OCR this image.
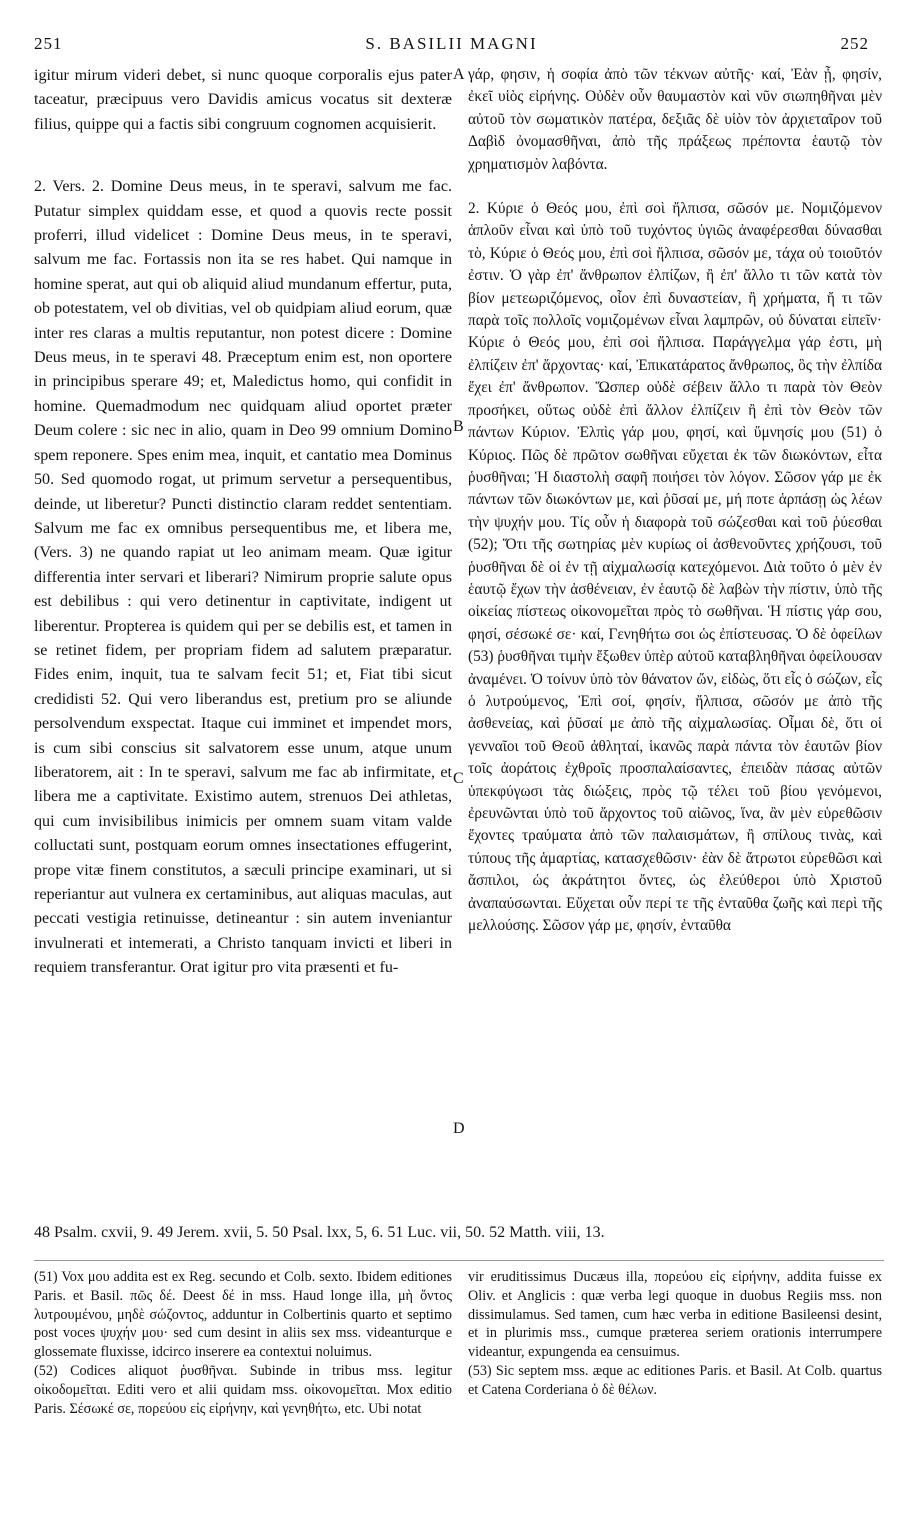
251	S. BASILII MAGNI	252

igitur mirum videri debet, si nunc quoque corporalis ejus pater taceatur, præcipuus vero Davidis amicus vocatus sit dexteræ filius, quippe qui a factis sibi congruum cognomen acquisierit.

2. Vers. 2. Domine Deus meus, in te speravi, salvum me fac. Putatur simplex quiddam esse, et quod a quovis recte possit proferri, illud videlicet : Domine Deus meus, in te speravi, salvum me fac. Fortassis non ita se res habet. Qui namque in homine sperat, aut qui ob aliquid aliud mundanum effertur, puta, ob potestatem, vel ob divitias, vel ob quidpiam aliud eorum, quæ inter res claras a multis reputantur, non potest dicere : Domine Deus meus, in te speravi 48. Præceptum enim est, non oportere in principibus sperare 49; et, Maledictus homo, qui confidit in homine. Quemadmodum nec quidquam aliud oportet præter Deum colere : sic nec in alio, quam in Deo 99 omnium Domino spem reponere. Spes enim mea, inquit, et cantatio mea Dominus 50. Sed quomodo rogat, ut primum servetur a persequentibus, deinde, ut liberetur? Puncti distinctio claram reddet sententiam. Salvum me fac ex omnibus persequentibus me, et libera me, (Vers. 3) ne quando rapiat ut leo animam meam. Quæ igitur differentia inter servari et liberari? Nimirum proprie salute opus est debilibus : qui vero detinentur in captivitate, indigent ut liberentur. Propterea is quidem qui per se debilis est, et tamen in se retinet fidem, per propriam fidem ad salutem præparatur. Fides enim, inquit, tua te salvam fecit 51; et, Fiat tibi sicut credidisti 52. Qui vero liberandus est, pretium pro se aliunde persolvendum exspectat. Itaque cui imminet et impendet mors, is cum sibi conscius sit salvatorem esse unum, atque unum liberatorem, ait : In te speravi, salvum me fac ab infirmitate, et libera me a captivitate. Existimo autem, strenuos Dei athletas, qui cum invisibilibus inimicis per omnem suam vitam valde colluctati sunt, postquam eorum omnes insectationes effugerint, prope vitæ finem constitutos, a sæculi principe examinari, ut si reperiantur aut vulnera ex certaminibus, aut aliquas maculas, aut peccati vestigia retinuisse, detineantur : sin autem inveniantur invulnerati et intemerati, a Christo tanquam invicti et liberi in requiem transferantur. Orat igitur pro vita præsenti et fu-

A
B
C
D

γάρ, φησιν, ἡ σοφία ἀπὸ τῶν τέκνων αὐτῆς· καί, Ἐὰν ᾖ, φησίν, ἐκεῖ υἱὸς εἰρήνης. Οὐδὲν οὖν θαυμαστὸν καὶ νῦν σιωπηθῆναι μὲν αὐτοῦ τὸν σωματικὸν πατέρα, δεξιᾶς δὲ υἱὸν τὸν ἀρχιεταῖρον τοῦ Δαβὶδ ὀνομασθῆναι, ἀπὸ τῆς πράξεως πρέποντα ἑαυτῷ τὸν χρηματισμὸν λαβόντα.

2. Κύριε ὁ Θεός μου, ἐπὶ σοὶ ἤλπισα, σῶσόν με. Νομιζόμενον ἁπλοῦν εἶναι καὶ ὑπὸ τοῦ τυχόντος ὑγιῶς ἀναφέρεσθαι δύνασθαι τὸ, Κύριε ὁ Θεός μου, ἐπὶ σοὶ ἤλπισα, σῶσόν με, τάχα οὐ τοιοῦτόν ἐστιν. Ὁ γὰρ ἐπ' ἄνθρωπον ἐλπίζων, ἢ ἐπ' ἄλλο τι τῶν κατὰ τὸν βίον μετεωριζόμενος, οἷον ἐπὶ δυναστείαν, ἢ χρήματα, ἤ τι τῶν παρὰ τοῖς πολλοῖς νομιζομένων εἶναι λαμπρῶν, οὐ δύναται εἰπεῖν· Κύριε ὁ Θεός μου, ἐπὶ σοὶ ἤλπισα. Παράγγελμα γάρ ἐστι, μὴ ἐλπίζειν ἐπ' ἄρχοντας· καί, Ἐπικατάρατος ἄνθρωπος, ὃς τὴν ἐλπίδα ἔχει ἐπ' ἄνθρωπον. Ὥσπερ οὐδὲ σέβειν ἄλλο τι παρὰ τὸν Θεὸν προσήκει, οὕτως οὐδὲ ἐπὶ ἄλλον ἐλπίζειν ἢ ἐπὶ τὸν Θεὸν τῶν πάντων Κύριον. Ἐλπὶς γάρ μου, φησί, καὶ ὕμνησίς μου (51) ὁ Κύριος. Πῶς δὲ πρῶτον σωθῆναι εὔχεται ἐκ τῶν διωκόντων, εἶτα ῥυσθῆναι; Ἡ διαστολὴ σαφῆ ποιήσει τὸν λόγον. Σῶσον γάρ με ἐκ πάντων τῶν διωκόντων με, καὶ ῥῦσαί με, μή ποτε ἁρπάσῃ ὡς λέων τὴν ψυχήν μου. Τίς οὖν ἡ διαφορὰ τοῦ σώζεσθαι καὶ τοῦ ῥύεσθαι (52); Ὅτι τῆς σωτηρίας μὲν κυρίως οἱ ἀσθενοῦντες χρήζουσι, τοῦ ῥυσθῆναι δὲ οἱ ἐν τῇ αἰχμαλωσίᾳ κατεχόμενοι. Διὰ τοῦτο ὁ μὲν ἐν ἑαυτῷ ἔχων τὴν ἀσθένειαν, ἐν ἑαυτῷ δὲ λαβὼν τὴν πίστιν, ὑπὸ τῆς οἰκείας πίστεως οἰκονομεῖται πρὸς τὸ σωθῆναι. Ἡ πίστις γάρ σου, φησί, σέσωκέ σε· καί, Γενηθήτω σοι ὡς ἐπίστευσας. Ὁ δὲ ὀφείλων (53) ῥυσθῆναι τιμὴν ἔξωθεν ὑπὲρ αὐτοῦ καταβληθῆναι ὀφείλουσαν ἀναμένει. Ὁ τοίνυν ὑπὸ τὸν θάνατον ὤν, εἰδὼς, ὅτι εἷς ὁ σώζων, εἷς ὁ λυτρούμενος, Ἐπὶ σοί, φησίν, ἤλπισα, σῶσόν με ἀπὸ τῆς ἀσθενείας, καὶ ῥῦσαί με ἀπὸ τῆς αἰχμαλωσίας. Οἶμαι δὲ, ὅτι οἱ γενναῖοι τοῦ Θεοῦ ἀθληταί, ἱκανῶς παρὰ πάντα τὸν ἑαυτῶν βίον τοῖς ἀοράτοις ἐχθροῖς προσπαλαίσαντες, ἐπειδὰν πάσας αὐτῶν ὑπεκφύγωσι τὰς διώξεις, πρὸς τῷ τέλει τοῦ βίου γενόμενοι, ἐρευνῶνται ὑπὸ τοῦ ἄρχοντος τοῦ αἰῶνος, ἵνα, ἂν μὲν εὑρεθῶσιν ἔχοντες τραύματα ἀπὸ τῶν παλαισμάτων, ἢ σπίλους τινὰς, καὶ τύπους τῆς ἁμαρτίας, κατασχεθῶσιν· ἐὰν δὲ ἄτρωτοι εὑρεθῶσι καὶ ἄσπιλοι, ὡς ἀκράτητοι ὄντες, ὡς ἐλεύθεροι ὑπὸ Χριστοῦ ἀναπαύσωνται. Εὔχεται οὖν περί τε τῆς ἐνταῦθα ζωῆς καὶ περὶ τῆς μελλούσης. Σῶσον γάρ με, φησίν, ἐνταῦθα

48 Psalm. cxvii, 9. 49 Jerem. xvii, 5. 50 Psal. lxx, 5, 6. 51 Luc. vii, 50. 52 Matth. viii, 13.

(51) Vox μου addita est ex Reg. secundo et Colb. sexto. Ibidem editiones Paris. et Basil. πῶς δέ. Deest δέ in mss. Haud longe illa, μὴ ὄντος λυτρουμένου, μηδὲ σώζοντος, adduntur in Colbertinis quarto et septimo post voces ψυχήν μου· sed cum desint in aliis sex mss. videanturque e glossemate fluxisse, idcirco inserere ea contextui noluimus.

(52) Codices aliquot ῥυσθῆναι. Subinde in tribus mss. legitur οἰκοδομεῖται. Editi vero et alii quidam mss. οἰκονομεῖται. Mox editio Paris. Σέσωκέ σε, πορεύου εἰς εἰρήνην, καὶ γενηθήτω, etc. Ubi notat

vir eruditissimus Ducæus illa, πορεύου εἰς εἰρήνην, addita fuisse ex Oliv. et Anglicis : quæ verba legi quoque in duobus Regiis mss. non dissimulamus. Sed tamen, cum hæc verba in editione Basileensi desint, et in plurimis mss., cumque præterea seriem orationis interrumpere videantur, expungenda ea censuimus.

(53) Sic septem mss. æque ac editiones Paris. et Basil. At Colb. quartus et Catena Corderiana ὁ δὲ θέλων.
